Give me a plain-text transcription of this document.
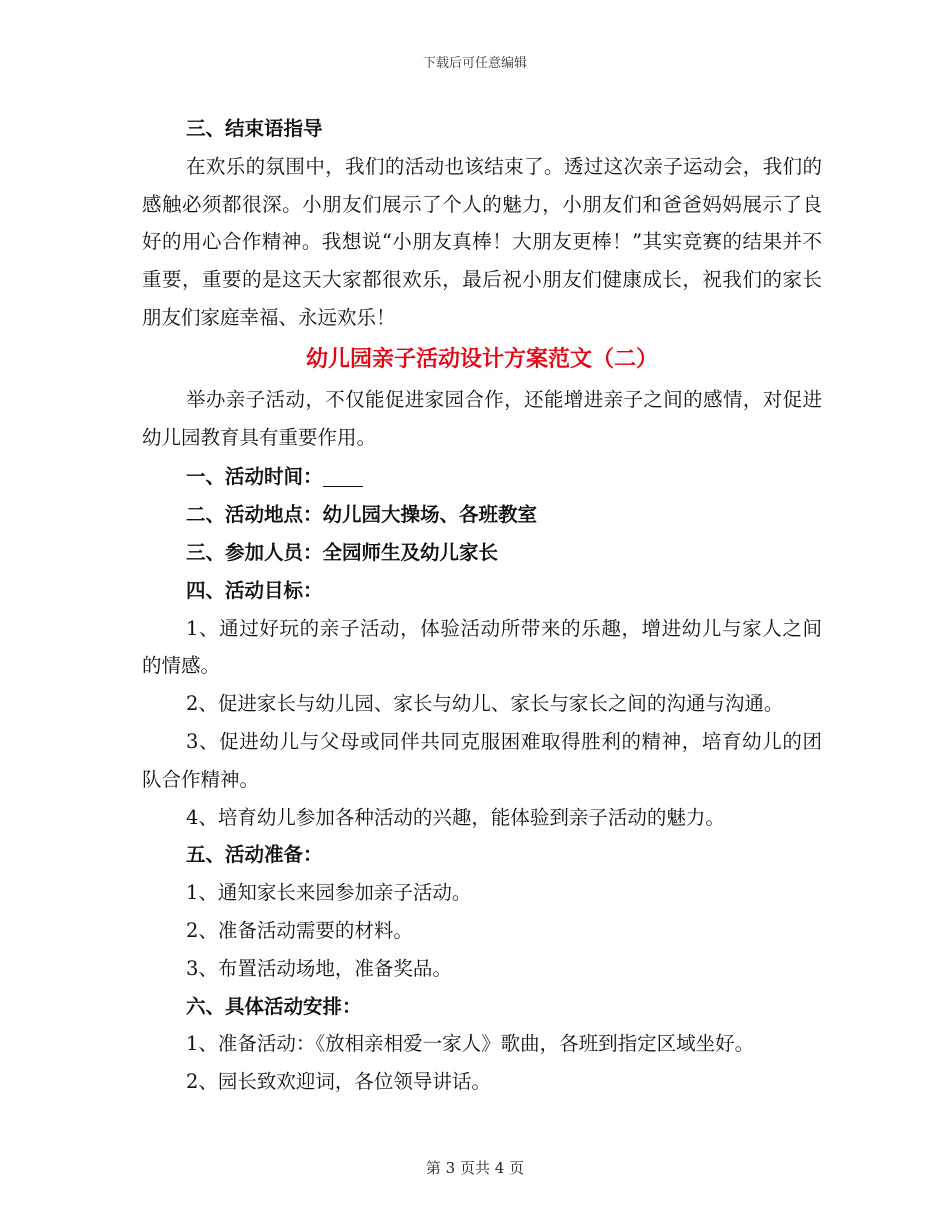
下载后可任意编辑
三、结束语指导
在欢乐的氛围中，我们的活动也该结束了。透过这次亲子运动会，我们的感触必须都很深。小朋友们展示了个人的魅力，小朋友们和爸爸妈妈展示了良好的用心合作精神。我想说“小朋友真棒！大朋友更棒！”其实竞赛的结果并不重要，重要的是这天大家都很欢乐，最后祝小朋友们健康成长，祝我们的家长朋友们家庭幸福、永远欢乐！
幼儿园亲子活动设计方案范文（二）
举办亲子活动，不仅能促进家园合作，还能增进亲子之间的感情，对促进幼儿园教育具有重要作用。
一、活动时间：
二、活动地点：幼儿园大操场、各班教室
三、参加人员：全园师生及幼儿家长
四、活动目标：
1、通过好玩的亲子活动，体验活动所带来的乐趣，增进幼儿与家人之间的情感。
2、促进家长与幼儿园、家长与幼儿、家长与家长之间的沟通与沟通。
3、促进幼儿与父母或同伴共同克服困难取得胜利的精神，培育幼儿的团队合作精神。
4、培育幼儿参加各种活动的兴趣，能体验到亲子活动的魅力。
五、活动准备：
1、通知家长来园参加亲子活动。
2、准备活动需要的材料。
3、布置活动场地，准备奖品。
六、具体活动安排：
1、准备活动：《放相亲相爱一家人》歌曲，各班到指定区域坐好。
2、园长致欢迎词，各位领导讲话。
第 3 页共 4 页
